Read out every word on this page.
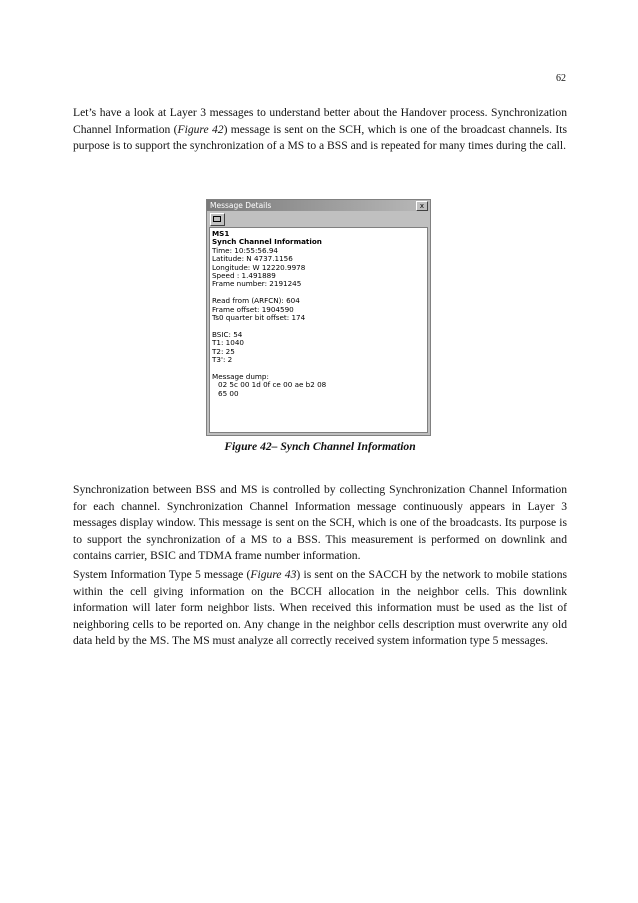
62

Let’s have a look at Layer 3 messages to understand better about the Handover process. Synchronization Channel Information (Figure 42) message is sent on the SCH, which is one of the broadcast channels. Its purpose is to support the synchronization of a MS to a BSS and is repeated for many times during the call.

Message Details	x
MS1
Synch Channel Information
Time: 10:55:56.94
Latitude: N 4737.1156
Longitude: W 12220.9978
Speed : 1.491889
Frame number: 2191245
Read from (ARFCN): 604
Frame offset: 1904590
Ts0 quarter bit offset: 174
BSIC: 54
T1: 1040
T2: 25
T3': 2
Message dump:
02 5c 00 1d 0f ce 00 ae b2 08
65 00
Figure 42– Synch Channel Information

Synchronization between BSS and MS is controlled by collecting Synchronization Channel Information for each channel. Synchronization Channel Information message continuously appears in Layer 3 messages display window. This message is sent on the SCH, which is one of the broadcasts. Its purpose is to support the synchronization of a MS to a BSS. This measurement is performed on downlink and contains carrier, BSIC and TDMA frame number information.

System Information Type 5 message (Figure 43) is sent on the SACCH by the network to mobile stations within the cell giving information on the BCCH allocation in the neighbor cells. This downlink information will later form neighbor lists. When received this information must be used as the list of neighboring cells to be reported on. Any change in the neighbor cells description must overwrite any old data held by the MS. The MS must analyze all correctly received system information type 5 messages.
